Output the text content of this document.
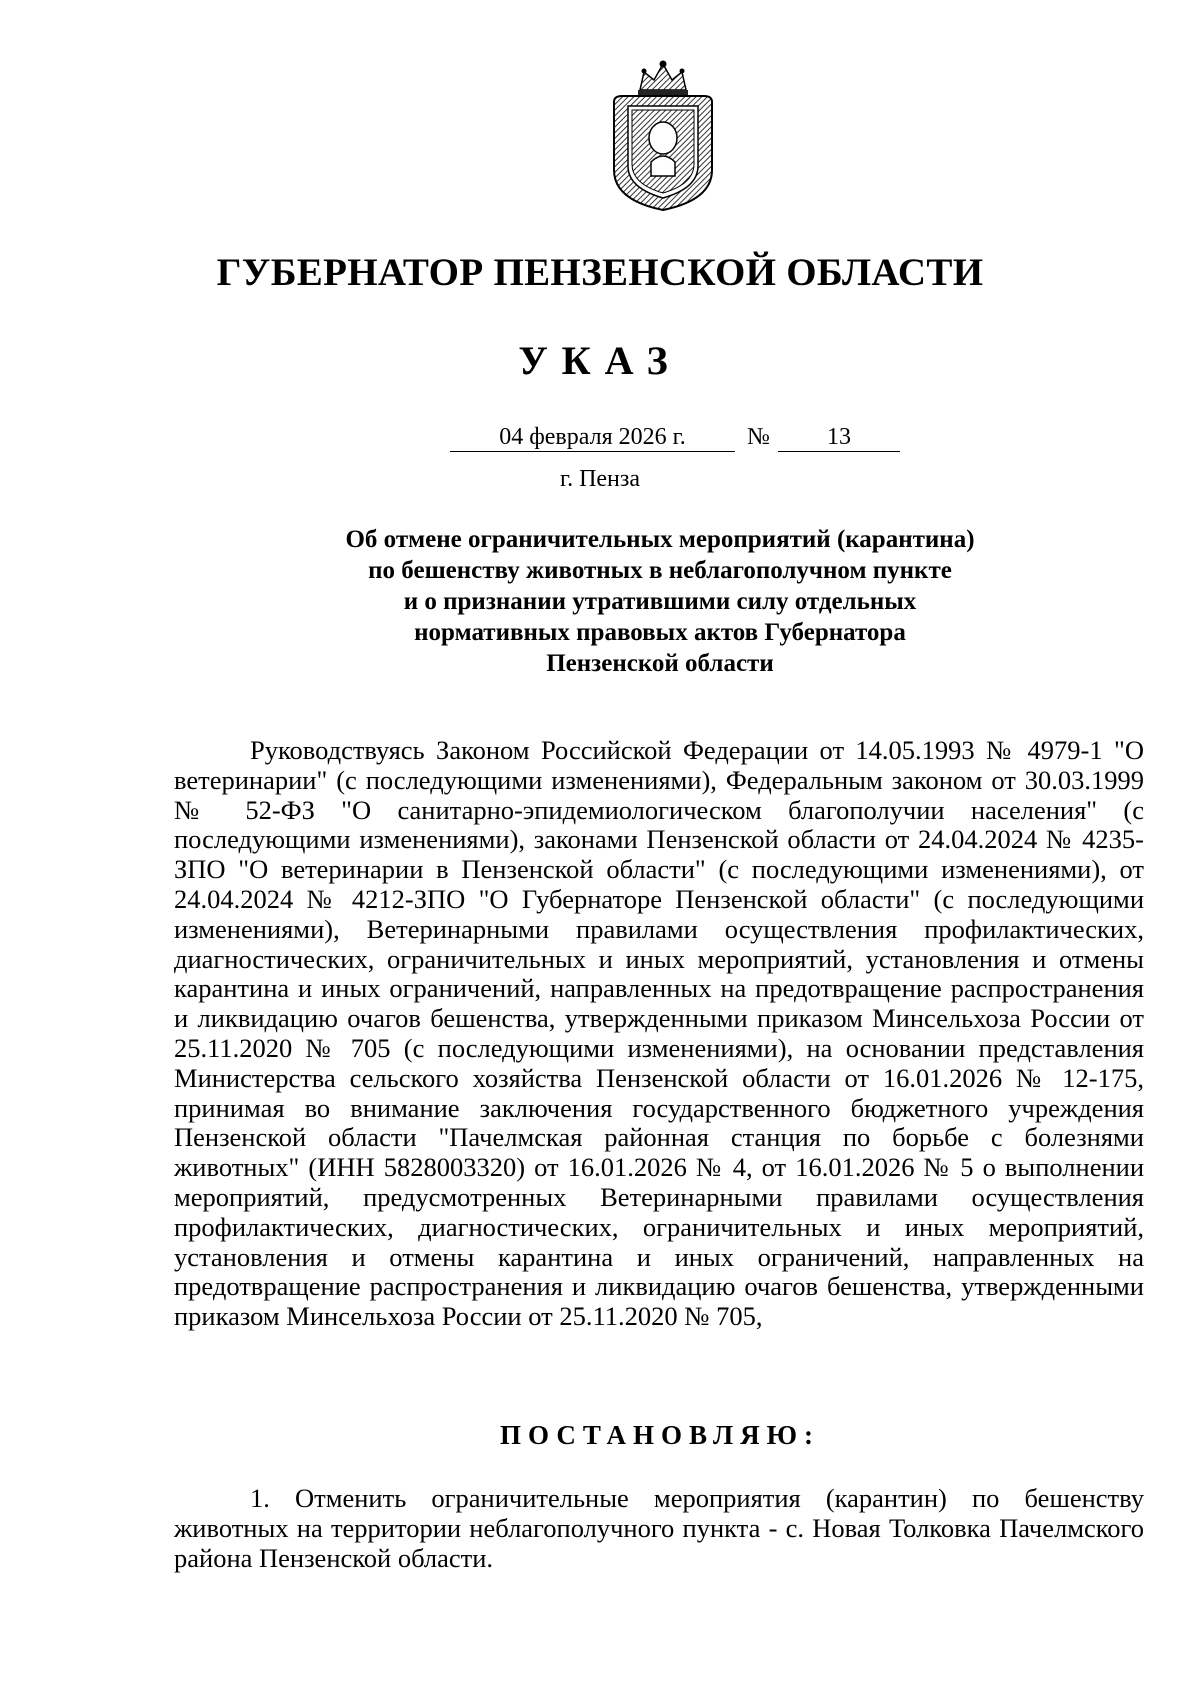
ГУБЕРНАТОР ПЕНЗЕНСКОЙ ОБЛАСТИ
УКАЗ
04 февраля 2026 г.	№	13
г. Пенза
Об отмене ограничительных мероприятий (карантина)
по бешенству животных в неблагополучном пункте
и о признании утратившими силу отдельных
нормативных правовых актов Губернатора
Пензенской области

Руководствуясь Законом Российской Федерации от 14.05.1993 № 4979-1 "О ветеринарии" (с последующими изменениями), Федеральным законом от 30.03.1999 № 52-ФЗ "О санитарно-эпидемиологическом благополучии населения" (с последующими изменениями), законами Пензенской области от 24.04.2024 № 4235-ЗПО "О ветеринарии в Пензенской области" (с последующими изменениями), от 24.04.2024 № 4212-ЗПО "О Губернаторе Пензенской области" (с последующими изменениями), Ветеринарными правилами осуществления профилактических, диагностических, ограничительных и иных мероприятий, установления и отмены карантина и иных ограничений, направленных на предотвращение распространения и ликвидацию очагов бешенства, утвержденными приказом Минсельхоза России от 25.11.2020 № 705 (с последующими изменениями), на основании представления Министерства сельского хозяйства Пензенской области от 16.01.2026 № 12-175, принимая во внимание заключения государственного бюджетного учреждения Пензенской области "Пачелмская районная станция по борьбе с болезнями животных" (ИНН 5828003320) от 16.01.2026 № 4, от 16.01.2026 № 5 о выполнении мероприятий, предусмотренных Ветеринарными правилами осуществления профилактических, диагностических, ограничительных и иных мероприятий, установления и отмены карантина и иных ограничений, направленных на предотвращение распространения и ликвидацию очагов бешенства, утвержденными приказом Минсельхоза России от 25.11.2020 № 705,

ПОСТАНОВЛЯЮ:

1. Отменить ограничительные мероприятия (карантин) по бешенству животных на территории неблагополучного пункта - с. Новая Толковка Пачелмского района Пензенской области.
